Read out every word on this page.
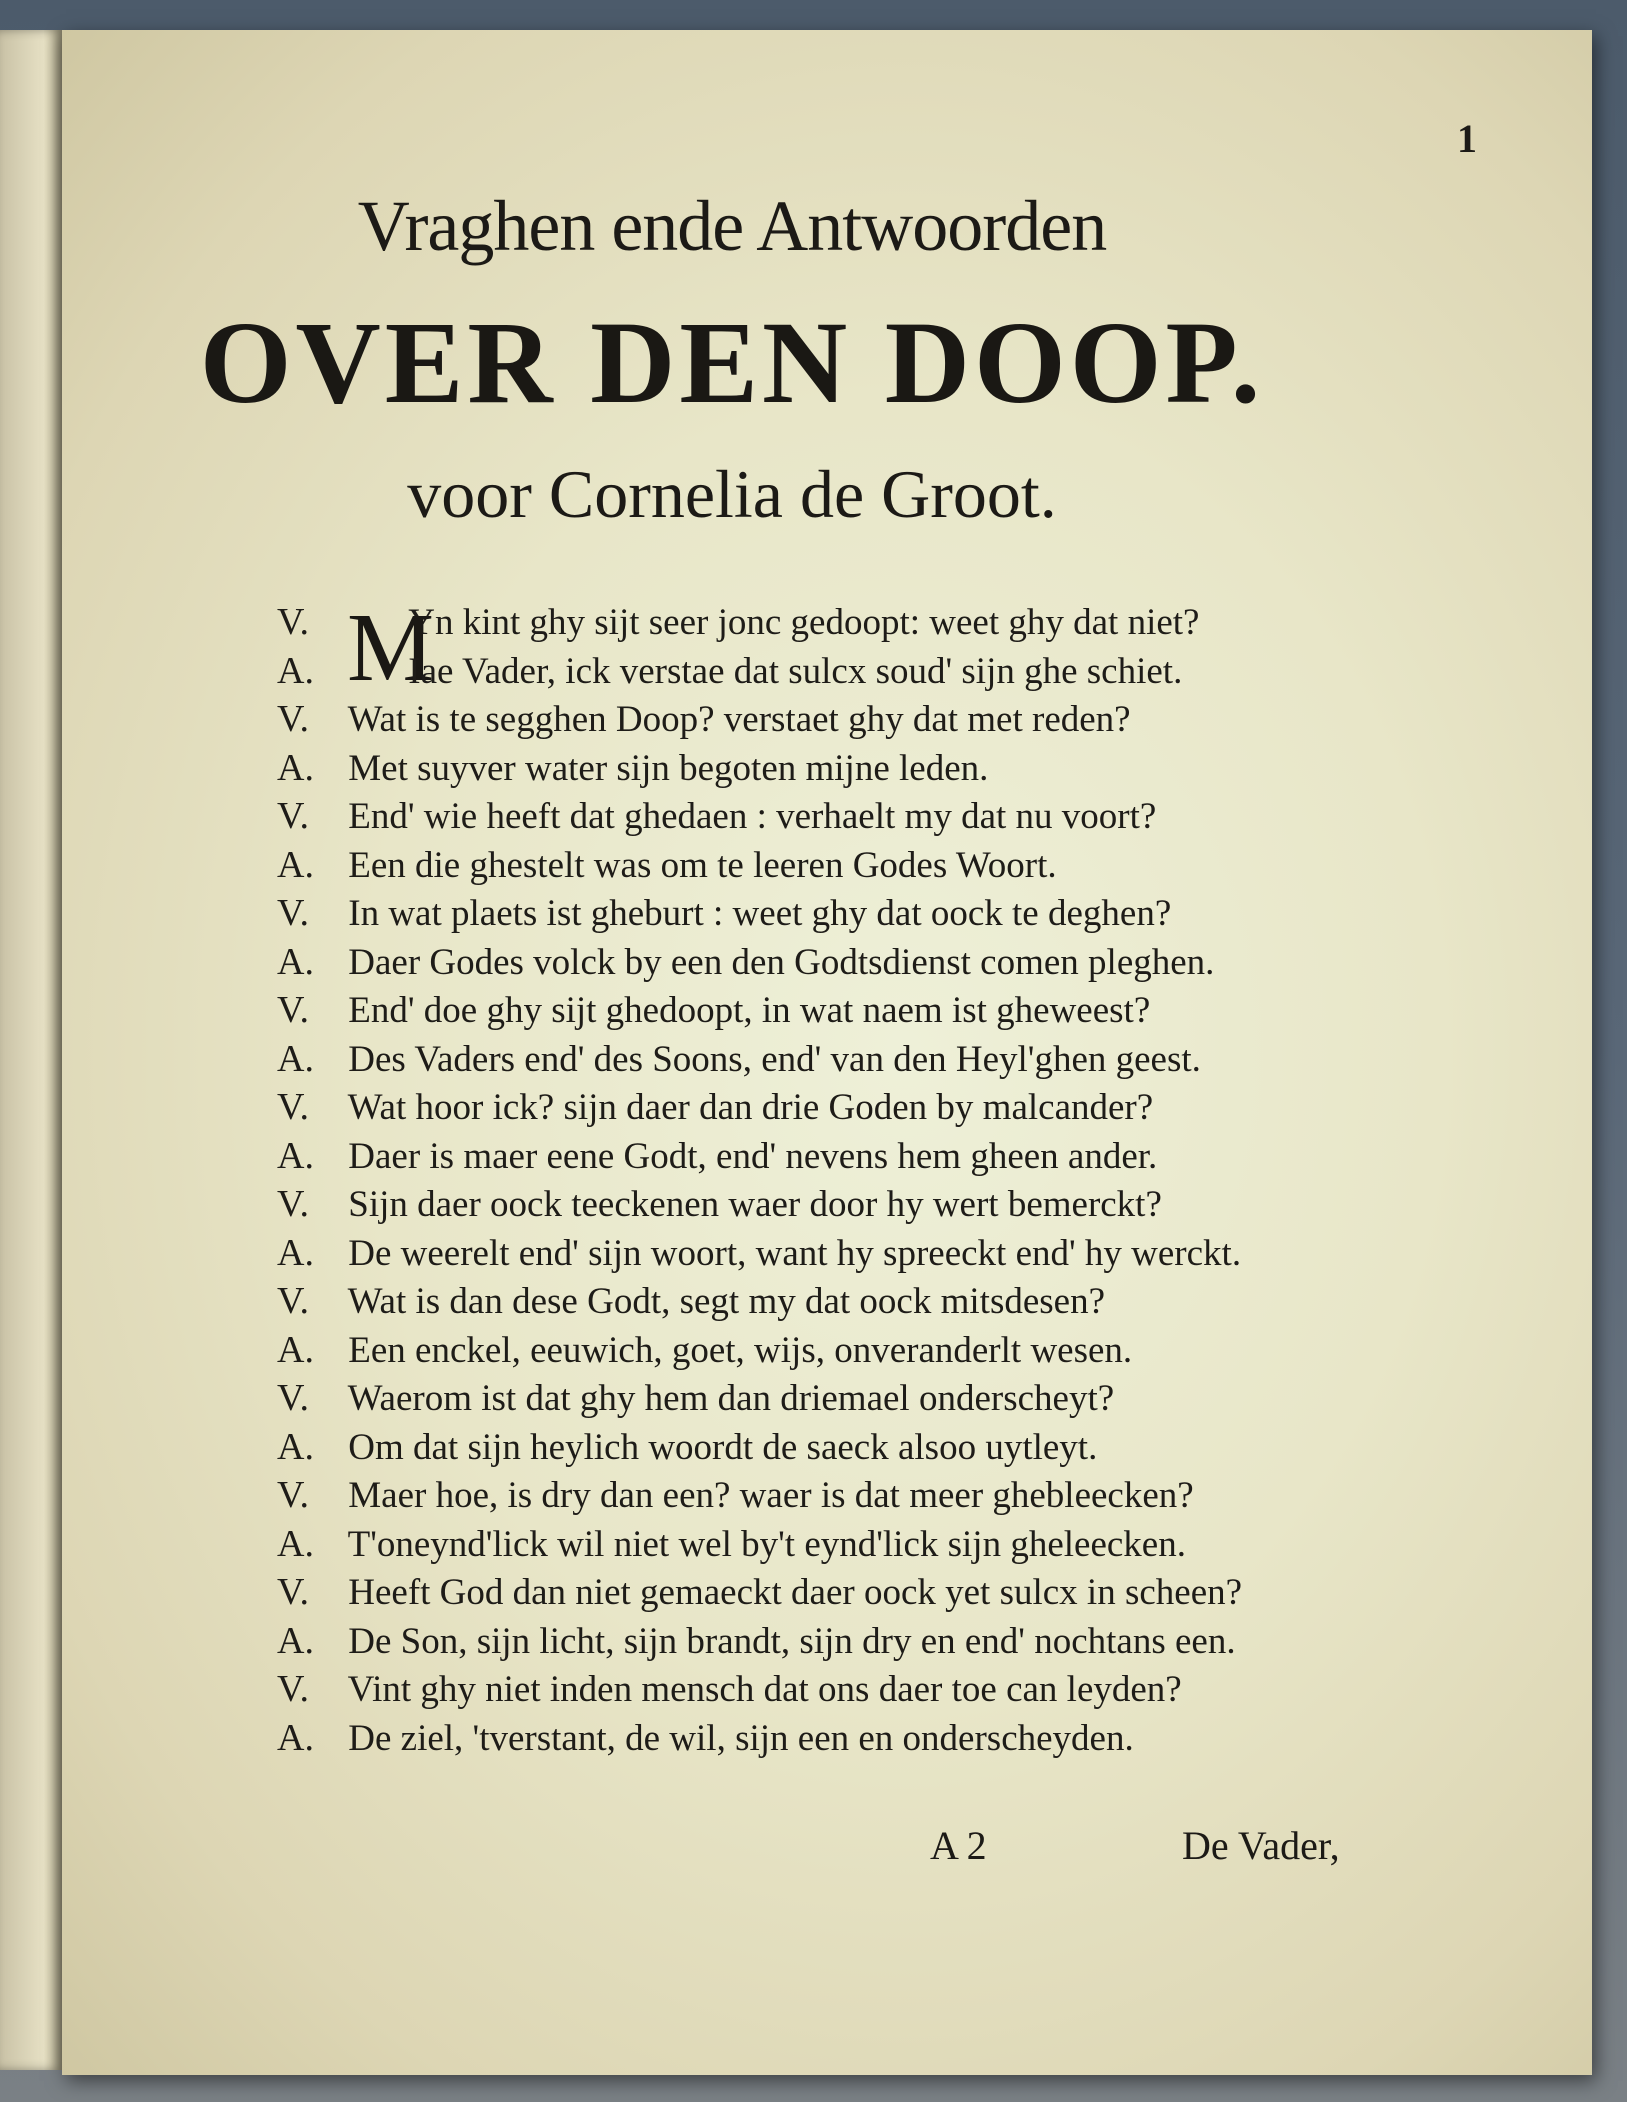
1
Vraghen ende Antwoorden
OVER DEN DOOP.
voor Cornelia de Groot.
V. M
Yn kint ghy sijt seer jonc gedoopt: weet ghy dat niet?
A.	Iae Vader, ick verstae dat sulcx soud' sijn ghe schiet.
V. Wat is te segghen Doop? verstaet ghy dat met reden?
A. Met suyver water sijn begoten mijne leden.
V. End' wie heeft dat ghedaen : verhaelt my dat nu voort?
A. Een die ghestelt was om te leeren Godes Woort.
V. In wat plaets ist gheburt : weet ghy dat oock te deghen?
A. Daer Godes volck by een den Godtsdienst comen pleghen.
V. End' doe ghy sijt ghedoopt, in wat naem ist gheweest?
A. Des Vaders end' des Soons, end' van den Heyl'ghen geest.
V. Wat hoor ick? sijn daer dan drie Goden by malcander?
A. Daer is maer eene Godt, end' nevens hem gheen ander.
V. Sijn daer oock teeckenen waer door hy wert bemerckt?
A. De weerelt end' sijn woort, want hy spreeckt end' hy werckt.
V. Wat is dan dese Godt, segt my dat oock mitsdesen?
A. Een enckel, eeuwich, goet, wijs, onveranderlt wesen.
V. Waerom ist dat ghy hem dan driemael onderscheyt?
A. Om dat sijn heylich woordt de saeck alsoo uytleyt.
V. Maer hoe, is dry dan een? waer is dat meer ghebleecken?
A. T'oneynd'lick wil niet wel by't eynd'lick sijn gheleecken.
V. Heeft God dan niet gemaeckt daer oock yet sulcx in scheen?
A. De Son, sijn licht, sijn brandt, sijn dry en end' nochtans een.
V. Vint ghy niet inden mensch dat ons daer toe can leyden?
A. De ziel, 'tverstant, de wil, sijn een en onderscheyden.
A 2	De Vader,
